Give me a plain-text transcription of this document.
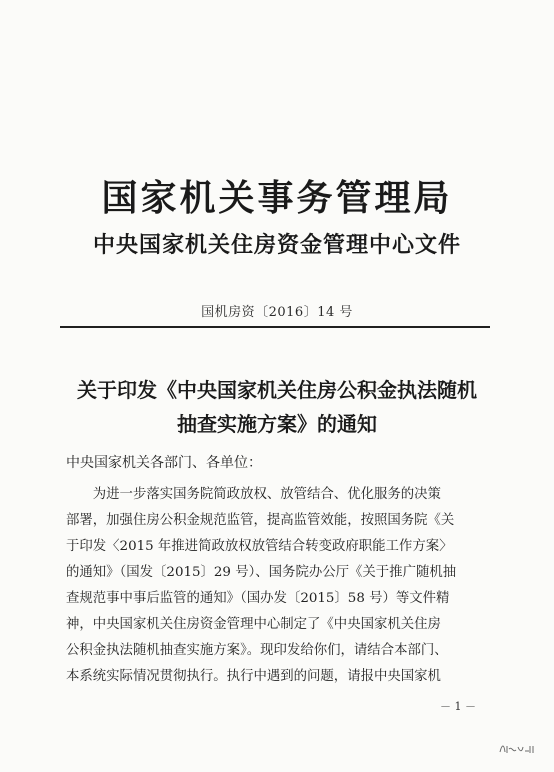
国家机关事务管理局
中央国家机关住房资金管理中心文件
国机房资〔2016〕14 号
关于印发《中央国家机关住房公积金执法随机
抽查实施方案》的通知
中央国家机关各部门、各单位：
　　为进一步落实国务院简政放权、放管结合、优化服务的决策
部署，加强住房公积金规范监管，提高监管效能，按照国务院《关
于印发〈2015 年推进简政放权放管结合转变政府职能工作方案〉
的通知》（国发〔2015〕29 号）、国务院办公厅《关于推广随机抽
查规范事中事后监管的通知》（国办发〔2015〕58 号）等文件精
神，中央国家机关住房资金管理中心制定了《中央国家机关住房
公积金执法随机抽查实施方案》。现印发给你们，请结合本部门、
本系统实际情况贯彻执行。执行中遇到的问题，请报中央国家机
－ 1 －
